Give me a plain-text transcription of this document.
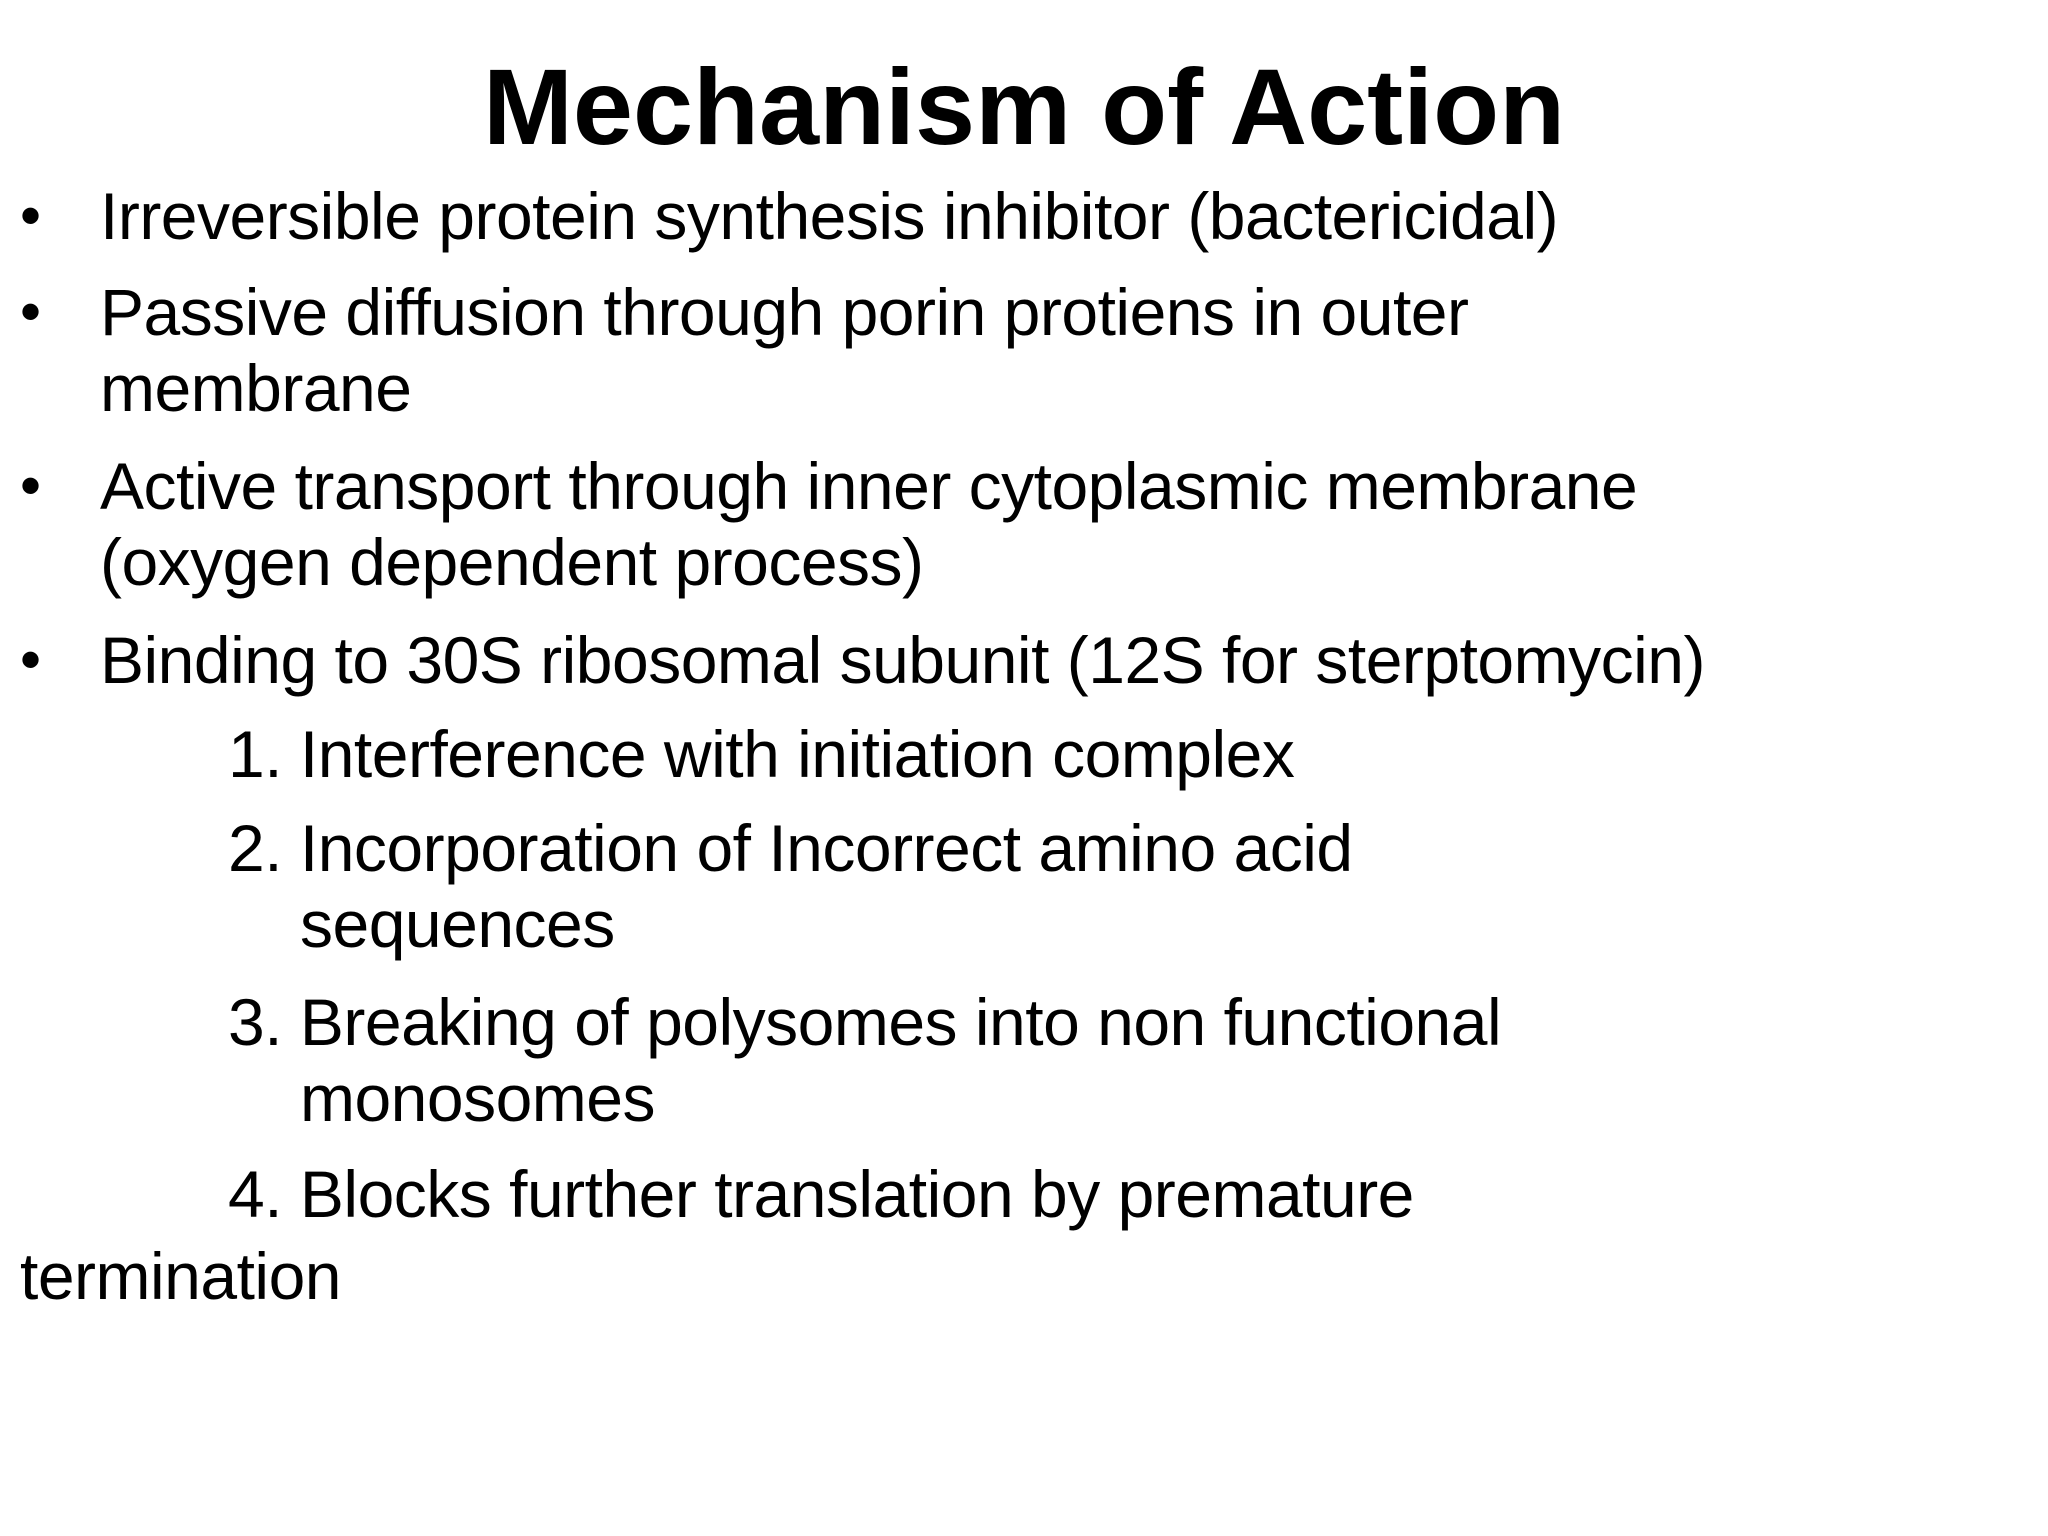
Mechanism of Action
• Irreversible protein synthesis inhibitor (bactericidal)
• Passive diffusion through porin protiens in outer
membrane
• Active transport through inner cytoplasmic membrane
(oxygen dependent process)
• Binding to 30S ribosomal subunit (12S for sterptomycin)
1. Interference with initiation complex
2. Incorporation of Incorrect amino acid
sequences
3. Breaking of polysomes into non functional
monosomes
4. Blocks further translation by premature
termination
